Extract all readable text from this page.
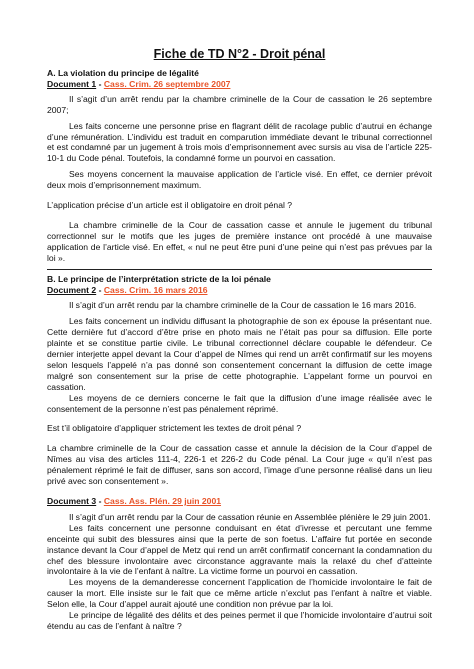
Fiche de TD N°2 - Droit pénal
A. La violation du principe de légalité
Document 1 - Cass. Crim. 26 septembre 2007

Il s’agit d’un arrêt rendu par la chambre criminelle de la Cour de cassation le 26 septembre 2007;

Les faits concerne une personne prise en flagrant délit de racolage public d’autrui en échange d’une rémunération. L’individu est traduit en comparution immédiate devant le tribunal correctionnel et est condamné par un jugement à trois mois d’emprisonnement avec sursis au visa de l’article 225-10-1 du Code pénal. Toutefois, la condamné forme un pourvoi en cassation.

Ses moyens concernent la mauvaise application de l’article visé. En effet, ce dernier prévoit deux mois d’emprisonnement maximum.

L’application précise d’un article est il obligatoire en droit pénal ?

La chambre criminelle de la Cour de cassation casse et annule le jugement du tribunal correctionnel sur le motifs que les juges de première instance ont procédé à une mauvaise application de l’article visé. En effet, « nul ne peut être puni d’une peine qui n’est pas prévues par la loi ».

B. Le principe de l’interprétation stricte de la loi pénale
Document 2 - Cass. Crim. 16 mars 2016

Il s’agit d’un arrêt rendu par la chambre criminelle de la Cour de cassation le 16 mars 2016.

Les faits concernent un individu diffusant la photographie de son ex épouse la présentant nue. Cette dernière fut d’accord d’être prise en photo mais ne l’était pas pour sa diffusion. Elle porte plainte et se constitue partie civile. Le tribunal correctionnel déclare coupable le défendeur. Ce dernier interjette appel devant la Cour d’appel de Nîmes qui rend un arrêt confirmatif sur les moyens selon lesquels l’appelé n’a pas donné son consentement concernant la diffusion de cette image malgré son consentement sur la prise de cette photographie. L’appelant forme un pourvoi en cassation.

Les moyens de ce derniers concerne le fait que la diffusion d’une image réalisée avec le consentement de la personne n’est pas pénalement réprimé.

Est t’il obligatoire d’appliquer strictement les textes de droit pénal ?

La chambre criminelle de la Cour de cassation casse et annule la décision de la Cour d’appel de Nîmes au visa des articles 111-4, 226-1 et 226-2 du Code pénal. La Cour juge « qu’il n’est pas pénalement réprimé le fait de diffuser, sans son accord, l’image d’une personne réalisé dans un lieu privé avec son consentement ».

Document 3 - Cass. Ass. Plén. 29 juin 2001

Il s’agit d’un arrêt rendu par la Cour de cassation réunie en Assemblée plénière le 29 juin 2001.

Les faits concernent une personne conduisant en état d’ivresse et percutant une femme enceinte qui subit des blessures ainsi que la perte de son foetus. L’affaire fut portée en seconde instance devant la Cour d’appel de Metz qui rend un arrêt confirmatif concernant la condamnation du chef des blessure involontaire avec circonstance aggravante mais la relaxé du chef d’atteinte involontaire à la vie de l’enfant à naître. La victime forme un pourvoi en cassation.

Les moyens de la demanderesse concernent l’application de l’homicide involontaire le fait de causer la mort. Elle insiste sur le fait que ce même article n’exclut pas l’enfant à naître et viable. Selon elle, la Cour d’appel aurait ajouté une condition non prévue par la loi.

Le principe de légalité des délits et des peines permet il que l’homicide involontaire d’autrui soit étendu au cas de l’enfant à naître ?
